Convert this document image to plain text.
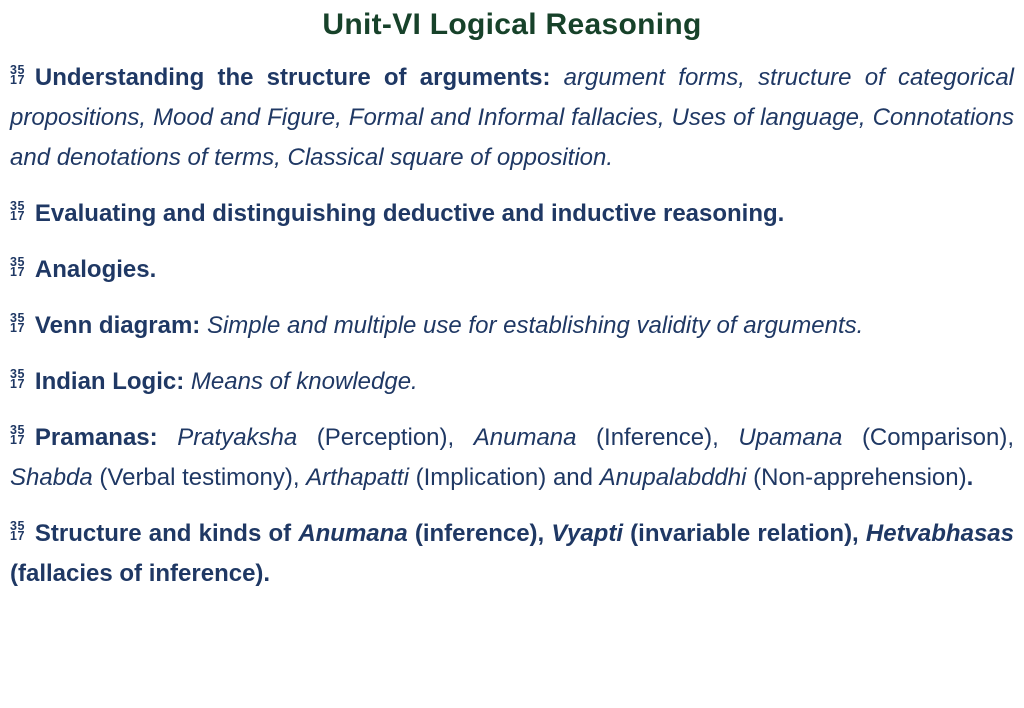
Unit-VI Logical Reasoning

35
17 Understanding the structure of arguments: argument forms, structure of categorical propositions, Mood and Figure, Formal and Informal fallacies, Uses of language, Connotations and denotations of terms, Classical square of opposition.

35
17 Evaluating and distinguishing deductive and inductive reasoning.

35
17 Analogies.

35
17 Venn diagram: Simple and multiple use for establishing validity of arguments.

35
17 Indian Logic: Means of knowledge.

35
17 Pramanas: Pratyaksha (Perception), Anumana (Inference), Upamana (Comparison), Shabda (Verbal testimony), Arthapatti (Implication) and Anupalabddhi (Non-apprehension).

35
17 Structure and kinds of Anumana (inference), Vyapti (invariable relation), Hetvabhasas (fallacies of inference).
